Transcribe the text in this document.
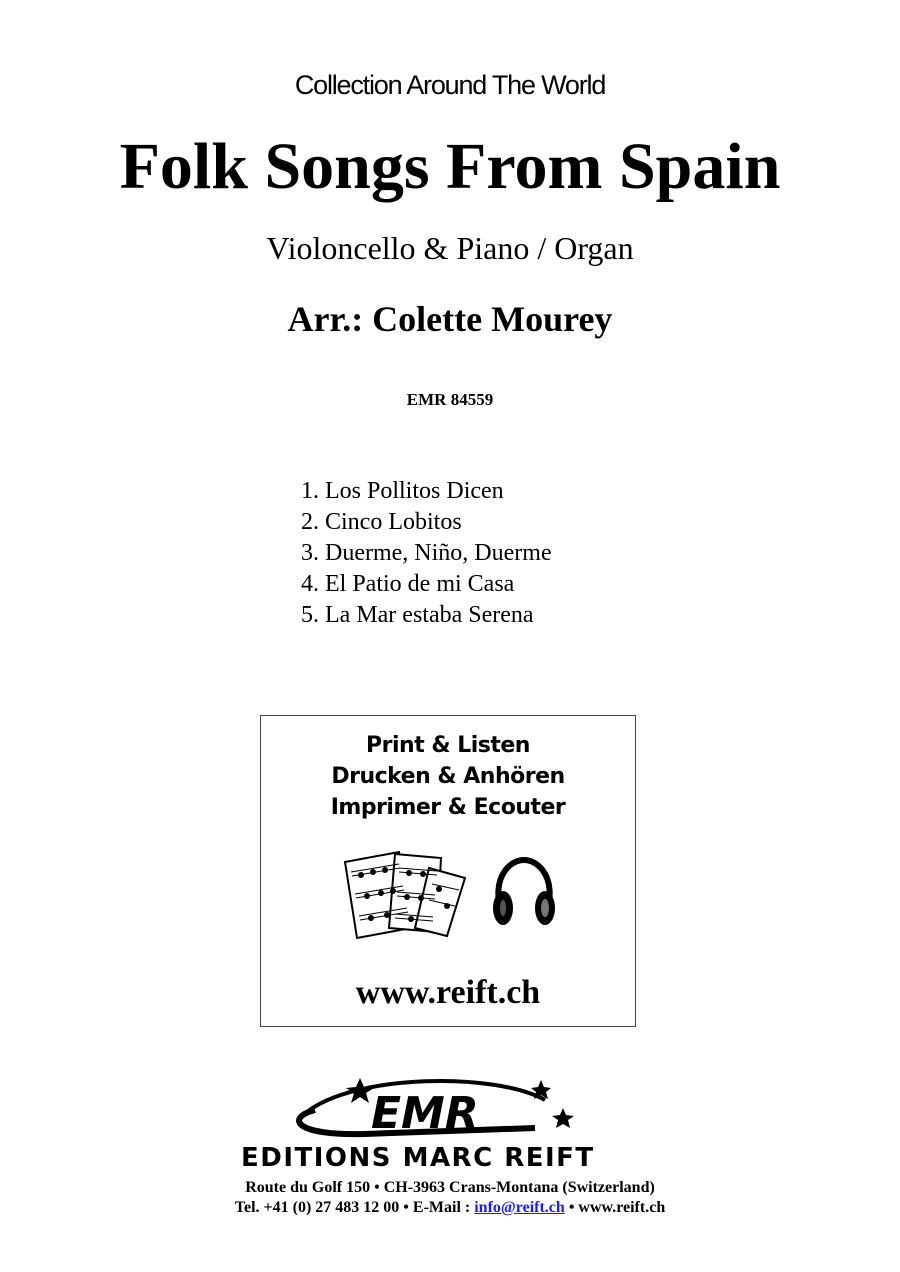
Collection Around The World
Folk Songs From Spain
Violoncello & Piano / Organ
Arr.: Colette Mourey
EMR 84559
1. Los Pollitos Dicen
2. Cinco Lobitos
3. Duerme, Niño, Duerme
4. El Patio de mi Casa
5. La Mar estaba Serena
Print & Listen
Drucken & Anhören
Imprimer & Ecouter
www.reift.ch
EMR
EDITIONS MARC REIFT
Route du Golf 150 • CH-3963 Crans-Montana (Switzerland)
Tel. +41 (0) 27 483 12 00 • E-Mail : info@reift.ch • www.reift.ch
